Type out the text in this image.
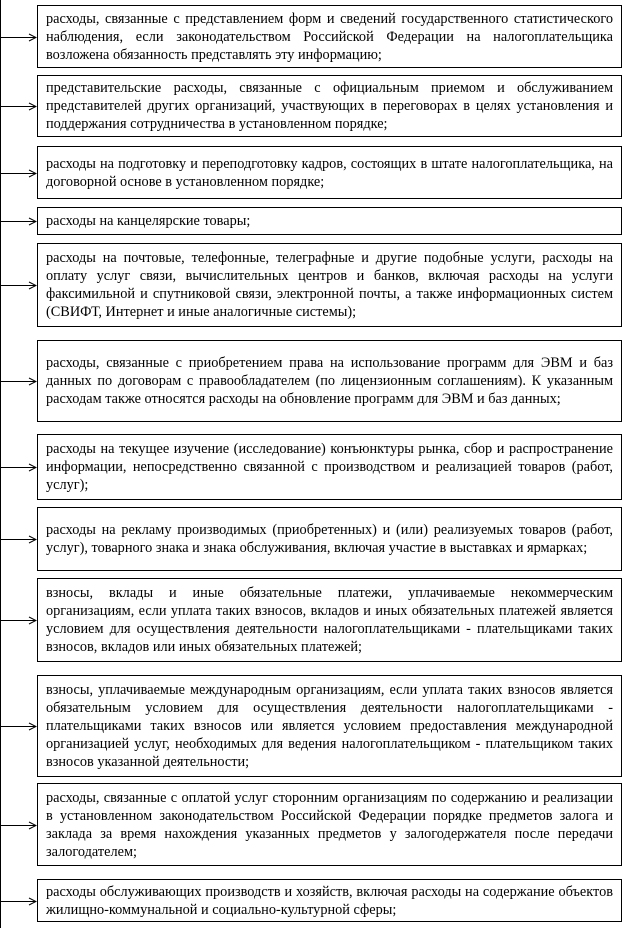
расходы, связанные с представлением форм и сведений государственного статистического наблюдения, если законодательством Российской Федерации на налогоплательщика возложена обязанность представлять эту информацию;

представительские расходы, связанные с официальным приемом и обслуживанием представителей других организаций, участвующих в переговорах в целях установления и поддержания сотрудничества в установленном порядке;

расходы на подготовку и переподготовку кадров, состоящих в штате налогоплательщика, на договорной основе в установленном порядке;

расходы на канцелярские товары;

расходы на почтовые, телефонные, телеграфные и другие подобные услуги, расходы на оплату услуг связи, вычислительных центров и банков, включая расходы на услуги факсимильной и спутниковой связи, электронной почты, а также информационных систем (СВИФТ, Интернет и иные аналогичные системы);

расходы, связанные с приобретением права на использование программ для ЭВМ и баз данных по договорам с правообладателем (по лицензионным соглашениям). К указанным расходам также относятся расходы на обновление программ для ЭВМ и баз данных;

расходы на текущее изучение (исследование) конъюнктуры рынка, сбор и распространение информации, непосредственно связанной с производством и реализацией товаров (работ, услуг);

расходы на рекламу производимых (приобретенных) и (или) реализуемых товаров (работ, услуг), товарного знака и знака обслуживания, включая участие в выставках и ярмарках;

взносы, вклады и иные обязательные платежи, уплачиваемые некоммерческим организациям, если уплата таких взносов, вкладов и иных обязательных платежей является условием для осуществления деятельности налогоплательщиками - плательщиками таких взносов, вкладов или иных обязательных платежей;

взносы, уплачиваемые международным организациям, если уплата таких взносов является обязательным условием для осуществления деятельности налогоплательщиками - плательщиками таких взносов или является условием предоставления международной организацией услуг, необходимых для ведения налогоплательщиком - плательщиком таких взносов указанной деятельности;

расходы, связанные с оплатой услуг сторонним организациям по содержанию и реализации в установленном законодательством Российской Федерации порядке предметов залога и заклада за время нахождения указанных предметов у залогодержателя после передачи залогодателем;

расходы обслуживающих производств и хозяйств, включая расходы на содержание объектов жилищно-коммунальной и социально-культурной сферы;
